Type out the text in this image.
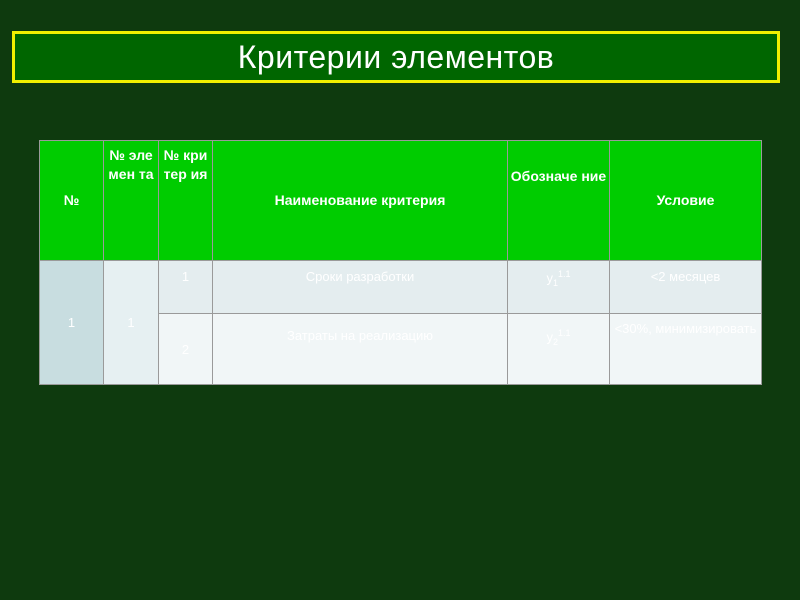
Критерии элементов
№	№ эле мен та	№ кри тер ия	Наименование критерия	Обозначе ние	Условие
1	1	1	Сроки разработки	$y_1^{1.1}$	<2 месяцев
		2	Затраты на реализацию	$y_2^{1.1}$	<30%, минимизировать
